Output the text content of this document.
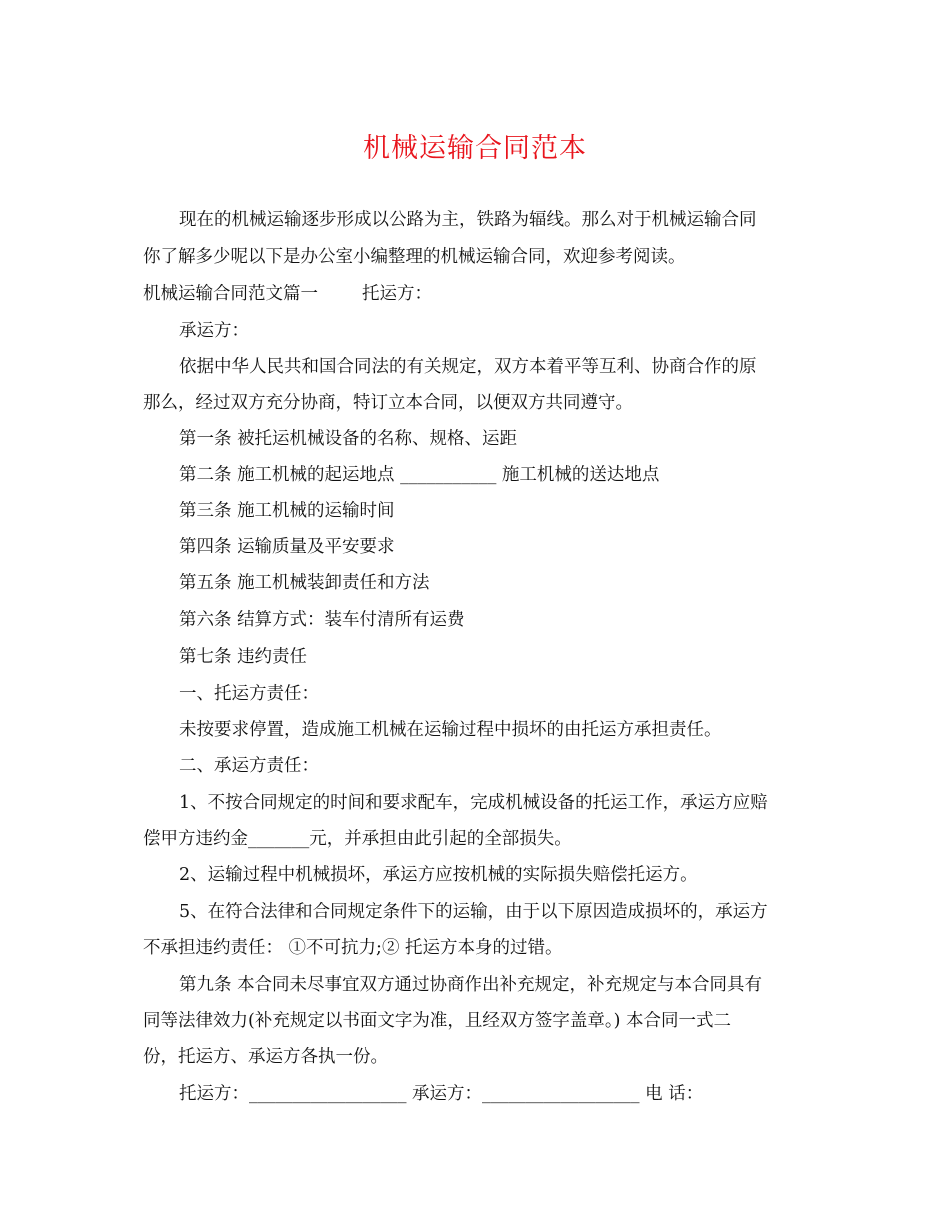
机械运输合同范本
现在的机械运输逐步形成以公路为主，铁路为辐线。那么对于机械运输合同
你了解多少呢以下是办公室小编整理的机械运输合同，欢迎参考阅读。
机械运输合同范文篇一	托运方：
承运方：
依据中华人民共和国合同法的有关规定，双方本着平等互利、协商合作的原
那么，经过双方充分协商，特订立本合同，以便双方共同遵守。
第一条 被托运机械设备的名称、规格、运距
第二条 施工机械的起运地点 ___________ 施工机械的送达地点
第三条 施工机械的运输时间
第四条 运输质量及平安要求
第五条 施工机械装卸责任和方法
第六条 结算方式：装车付清所有运费
第七条 违约责任
一、托运方责任：
未按要求停置，造成施工机械在运输过程中损坏的由托运方承担责任。
二、承运方责任：
1、不按合同规定的时间和要求配车，完成机械设备的托运工作，承运方应赔
偿甲方违约金_______元，并承担由此引起的全部损失。
2、运输过程中机械损坏，承运方应按机械的实际损失赔偿托运方。
5、在符合法律和合同规定条件下的运输，由于以下原因造成损坏的，承运方
不承担违约责任： ①不可抗力;② 托运方本身的过错。
第九条 本合同未尽事宜双方通过协商作出补充规定，补充规定与本合同具有
同等法律效力(补充规定以书面文字为准，且经双方签字盖章。) 本合同一式二
份，托运方、承运方各执一份。
托运方：__________________ 承运方：__________________ 电 话：
